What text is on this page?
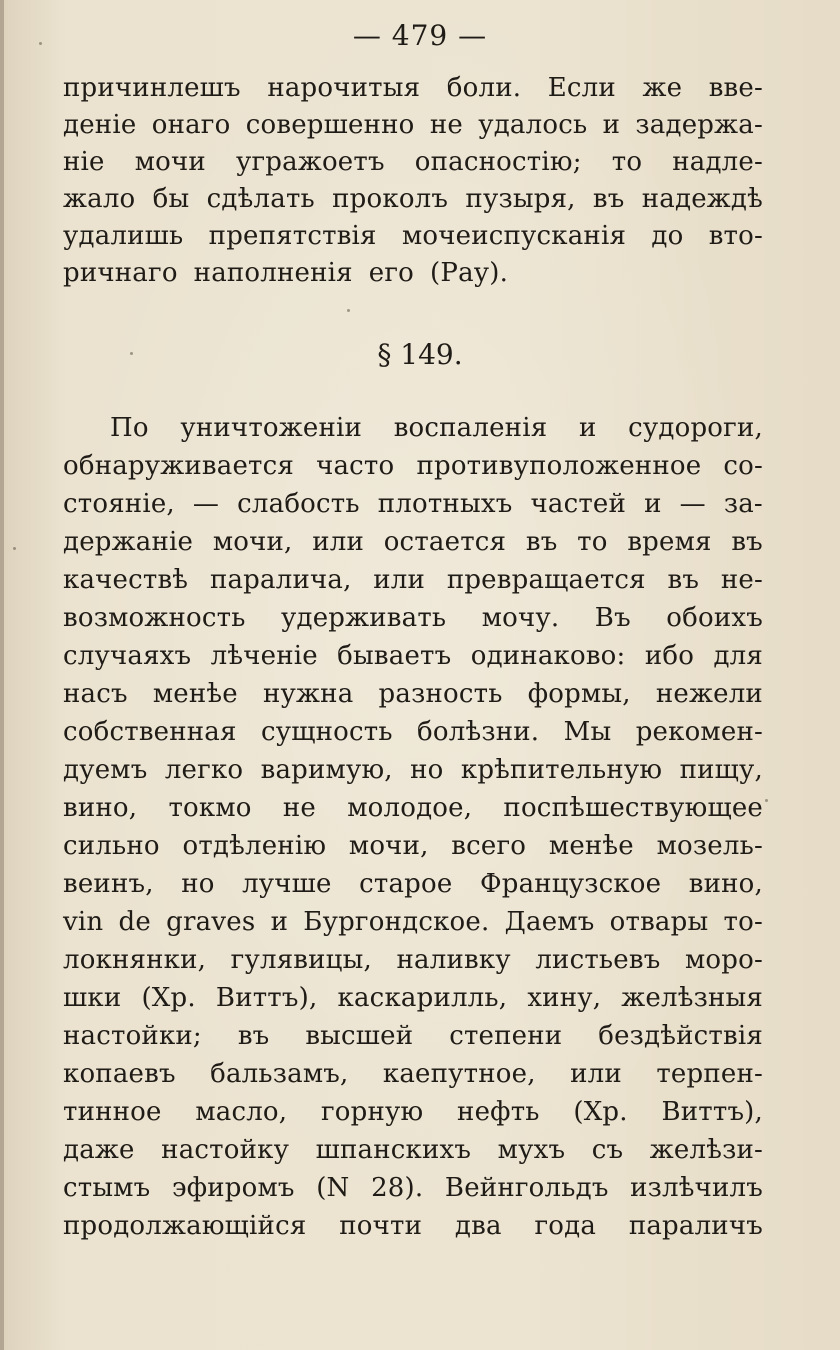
— 479 —
причинлешъ нарочитыя боли. Если же вве-
деніе онаго совершенно не удалось и задержа-
ніе мочи угражоетъ опасностію; то надле-
жало бы сдѣлать проколъ пузыря, въ надеждѣ
удалишь препятствія мочеиспусканія до вто-
ричнаго наполненія его (Рау).
§ 149.
По уничтоженіи воспаленія и судороги,
обнаруживается часто противуположенное со-
стояніе, — слабость плотныхъ частей и — за-
держаніе мочи, или остается въ то время въ
качествѣ паралича, или превращается въ не-
возможность удерживать мочу. Въ обоихъ
случаяхъ лѣченіе бываетъ одинаково: ибо для
насъ менѣе нужна разность формы, нежели
собственная сущность болѣзни. Мы рекомен-
дуемъ легко варимую, но крѣпительную пищу,
вино, токмо не молодое, поспѣшествующее
сильно отдѣленію мочи, всего менѣе мозель-
веинъ, но лучше старое Французское вино,
vin de graves и Бургондское. Даемъ отвары то-
локнянки, гулявицы, наливку листьевъ моро-
шки (Хр. Виттъ), каскарилль, хину, желѣзныя
настойки; въ высшей степени бездѣйствія
копаевъ бальзамъ, каепутное, или терпен-
тинное масло, горную нефть (Хр. Виттъ),
даже настойку шпанскихъ мухъ съ желѣзи-
стымъ эфиромъ (N 28). Вейнгольдъ излѣчилъ
продолжающійся почти два года параличъ
